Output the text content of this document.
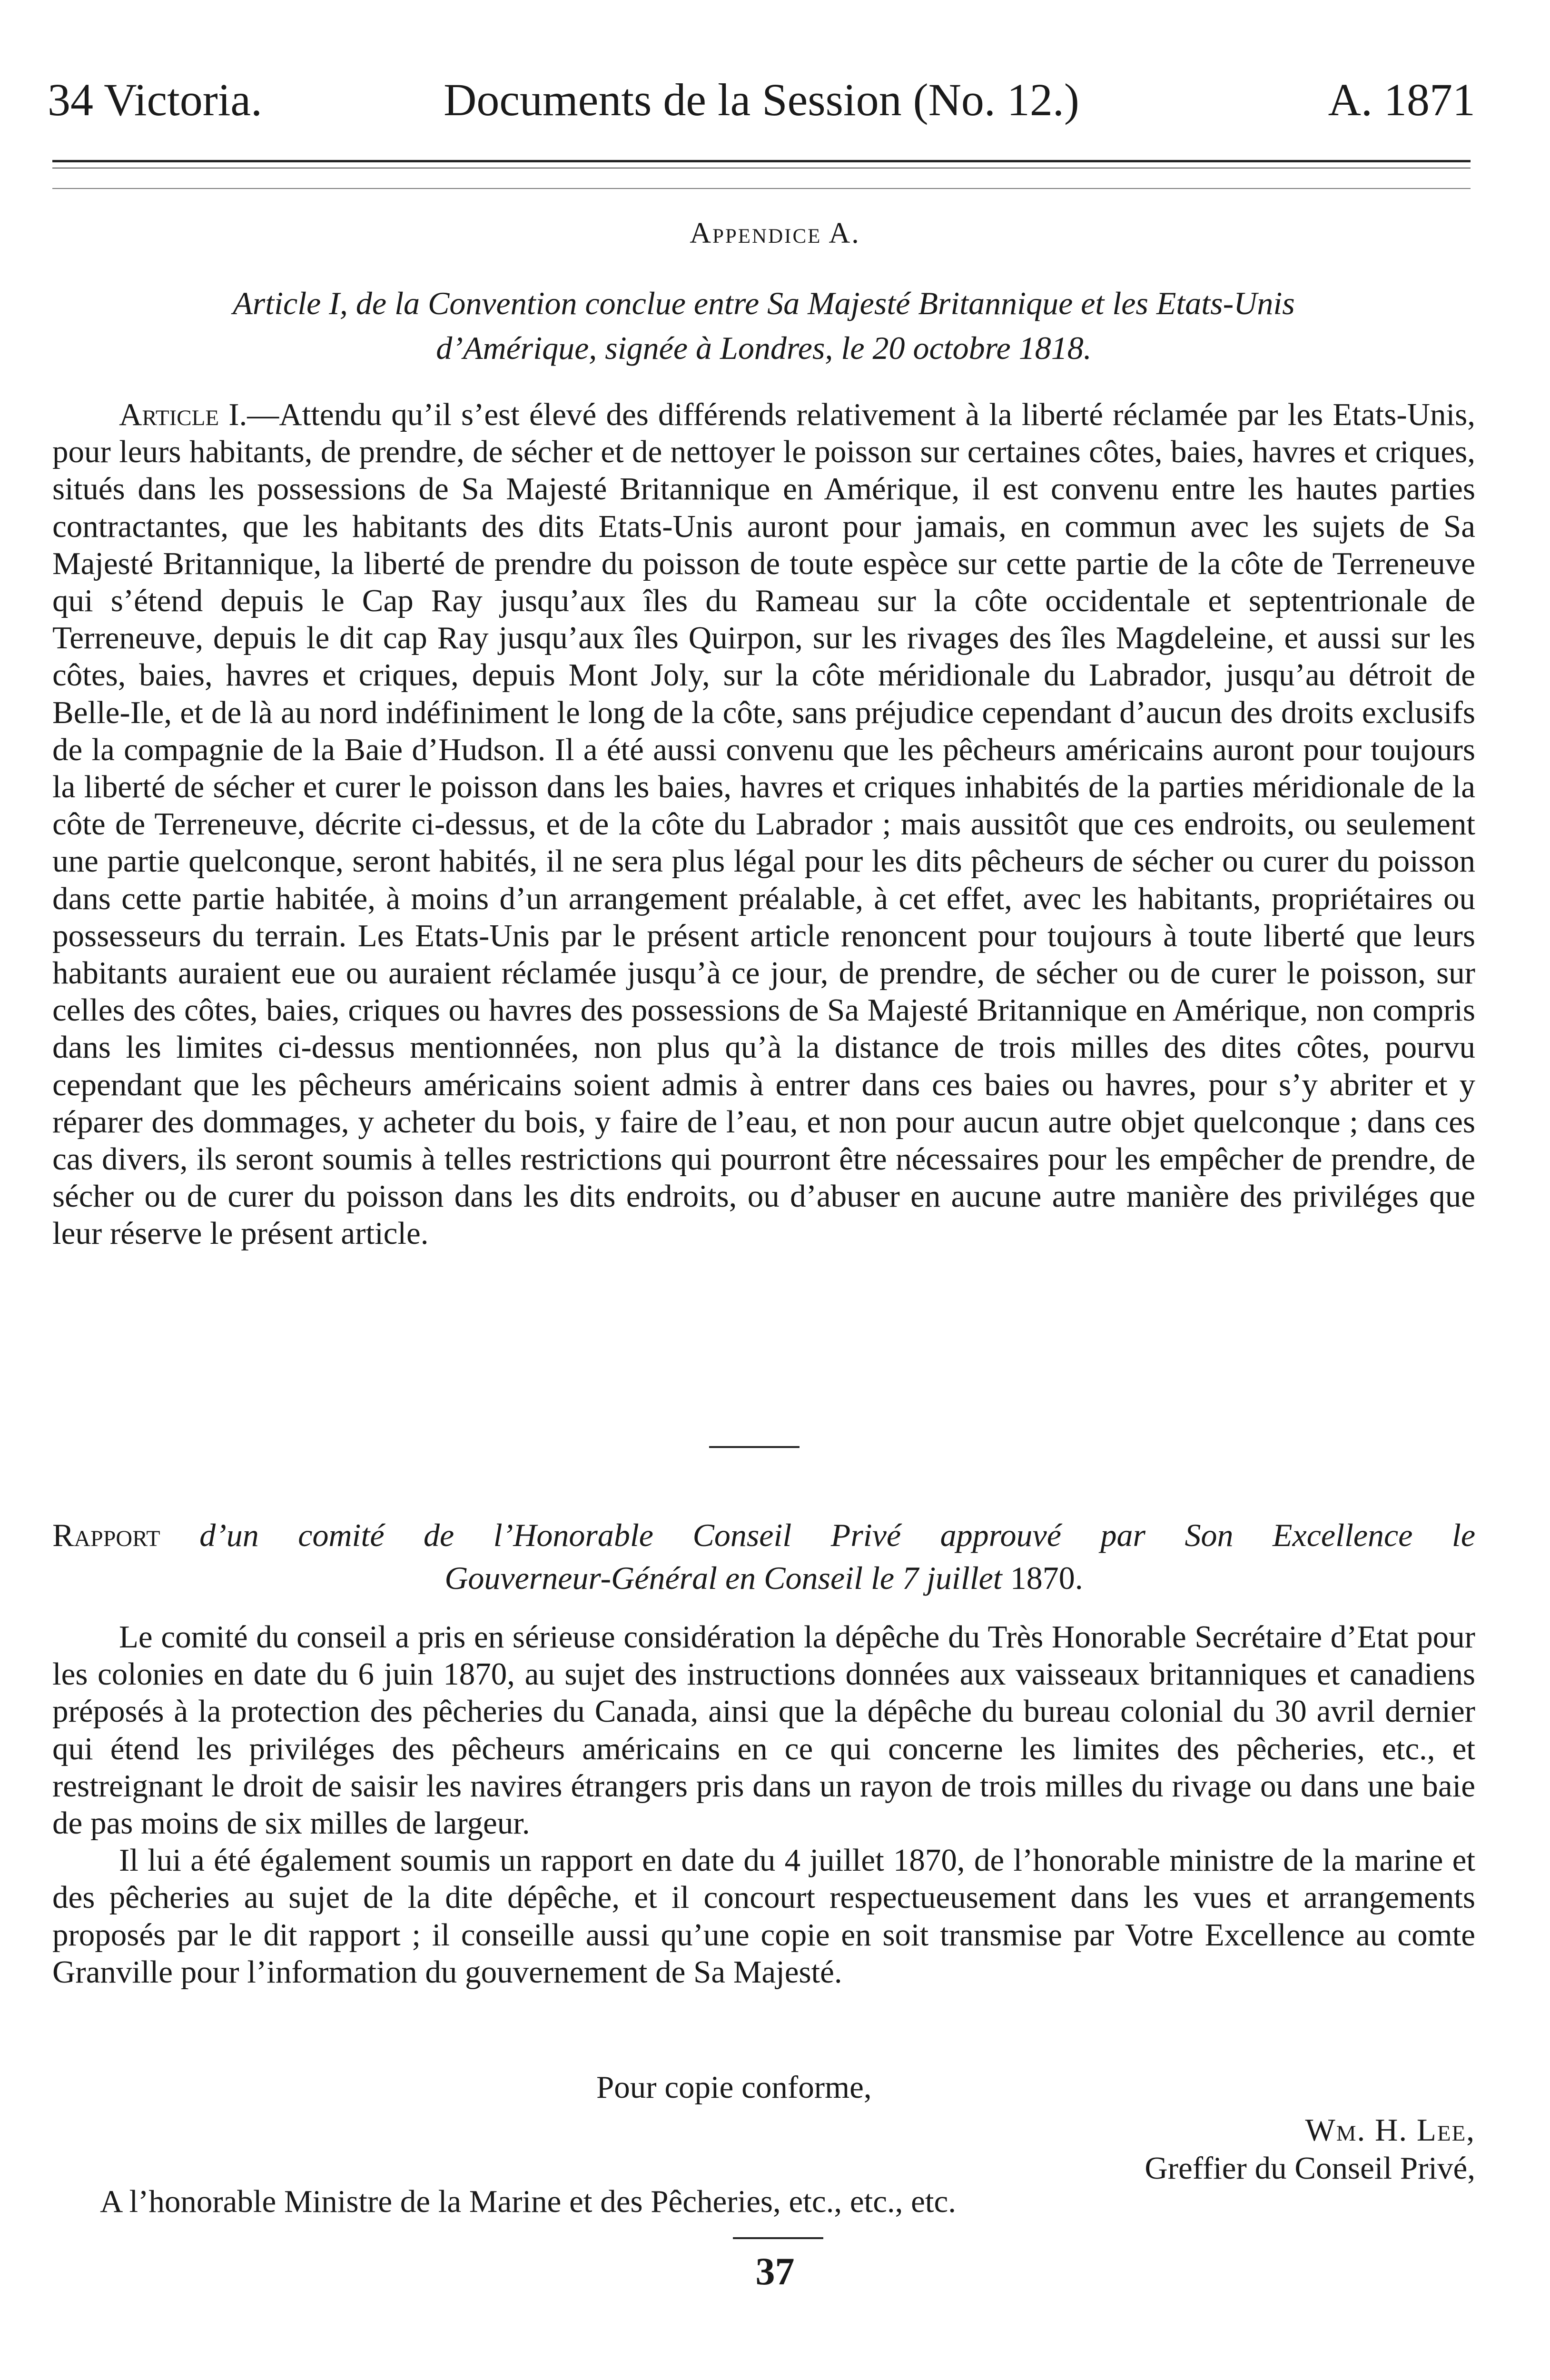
34 Victoria.	Documents de la Session (No. 12.)	A. 1871
Appendice A.
Article I, de la Convention conclue entre Sa Majesté Britannique et les Etats-Unis
d’Amérique, signée à Londres, le 20 octobre 1818.

Article I.—Attendu qu’il s’est élevé des différends relativement à la liberté réclamée par les Etats-Unis, pour leurs habitants, de prendre, de sécher et de nettoyer le poisson sur certaines côtes, baies, havres et criques, situés dans les possessions de Sa Majesté Britannique en Amérique, il est convenu entre les hautes parties contractantes, que les habitants des dits Etats-Unis auront pour jamais, en commun avec les sujets de Sa Majesté Britannique, la liberté de prendre du poisson de toute espèce sur cette partie de la côte de Terreneuve qui s’étend depuis le Cap Ray jusqu’aux îles du Rameau sur la côte occidentale et septentrionale de Terreneuve, depuis le dit cap Ray jusqu’aux îles Quirpon, sur les rivages des îles Magdeleine, et aussi sur les côtes, baies, havres et criques, depuis Mont Joly, sur la côte méridionale du Labrador, jusqu’au détroit de Belle-Ile, et de là au nord indéfiniment le long de la côte, sans préjudice cependant d’aucun des droits exclusifs de la compagnie de la Baie d’Hudson. Il a été aussi convenu que les pêcheurs américains auront pour toujours la liberté de sécher et curer le poisson dans les baies, havres et criques inhabités de la parties méridionale de la côte de Terreneuve, décrite ci-dessus, et de la côte du Labrador ; mais aussitôt que ces endroits, ou seulement une partie quelconque, seront habités, il ne sera plus légal pour les dits pêcheurs de sécher ou curer du poisson dans cette partie habitée, à moins d’un arrangement préalable, à cet effet, avec les habitants, propriétaires ou possesseurs du terrain. Les Etats-Unis par le présent article renoncent pour toujours à toute liberté que leurs habitants auraient eue ou auraient réclamée jusqu’à ce jour, de prendre, de sécher ou de curer le poisson, sur celles des côtes, baies, criques ou havres des possessions de Sa Majesté Britannique en Amérique, non compris dans les limites ci-dessus mentionnées, non plus qu’à la distance de trois milles des dites côtes, pourvu cependant que les pêcheurs américains soient admis à entrer dans ces baies ou havres, pour s’y abriter et y réparer des dommages, y acheter du bois, y faire de l’eau, et non pour aucun autre objet quelconque ; dans ces cas divers, ils seront soumis à telles restrictions qui pourront être nécessaires pour les empêcher de prendre, de sécher ou de curer du poisson dans les dits endroits, ou d’abuser en aucune autre manière des priviléges que leur réserve le présent article.

Rapport d’un comité de l’Honorable Conseil Privé approuvé par Son Excellence le
Gouverneur-Général en Conseil le 7 juillet 1870.

Le comité du conseil a pris en sérieuse considération la dépêche du Très Honorable Secrétaire d’Etat pour les colonies en date du 6 juin 1870, au sujet des instructions données aux vaisseaux britanniques et canadiens préposés à la protection des pêcheries du Canada, ainsi que la dépêche du bureau colonial du 30 avril dernier qui étend les priviléges des pêcheurs américains en ce qui concerne les limites des pêcheries, etc., et restreignant le droit de saisir les navires étrangers pris dans un rayon de trois milles du rivage ou dans une baie de pas moins de six milles de largeur.

Il lui a été également soumis un rapport en date du 4 juillet 1870, de l’honorable ministre de la marine et des pêcheries au sujet de la dite dépêche, et il concourt respectueusement dans les vues et arrangements proposés par le dit rapport ; il conseille aussi qu’une copie en soit transmise par Votre Excellence au comte Granville pour l’information du gouvernement de Sa Majesté.

Pour copie conforme,
Wm. H. Lee,
Greffier du Conseil Privé,
A l’honorable Ministre de la Marine et des Pêcheries, etc., etc., etc.
37
